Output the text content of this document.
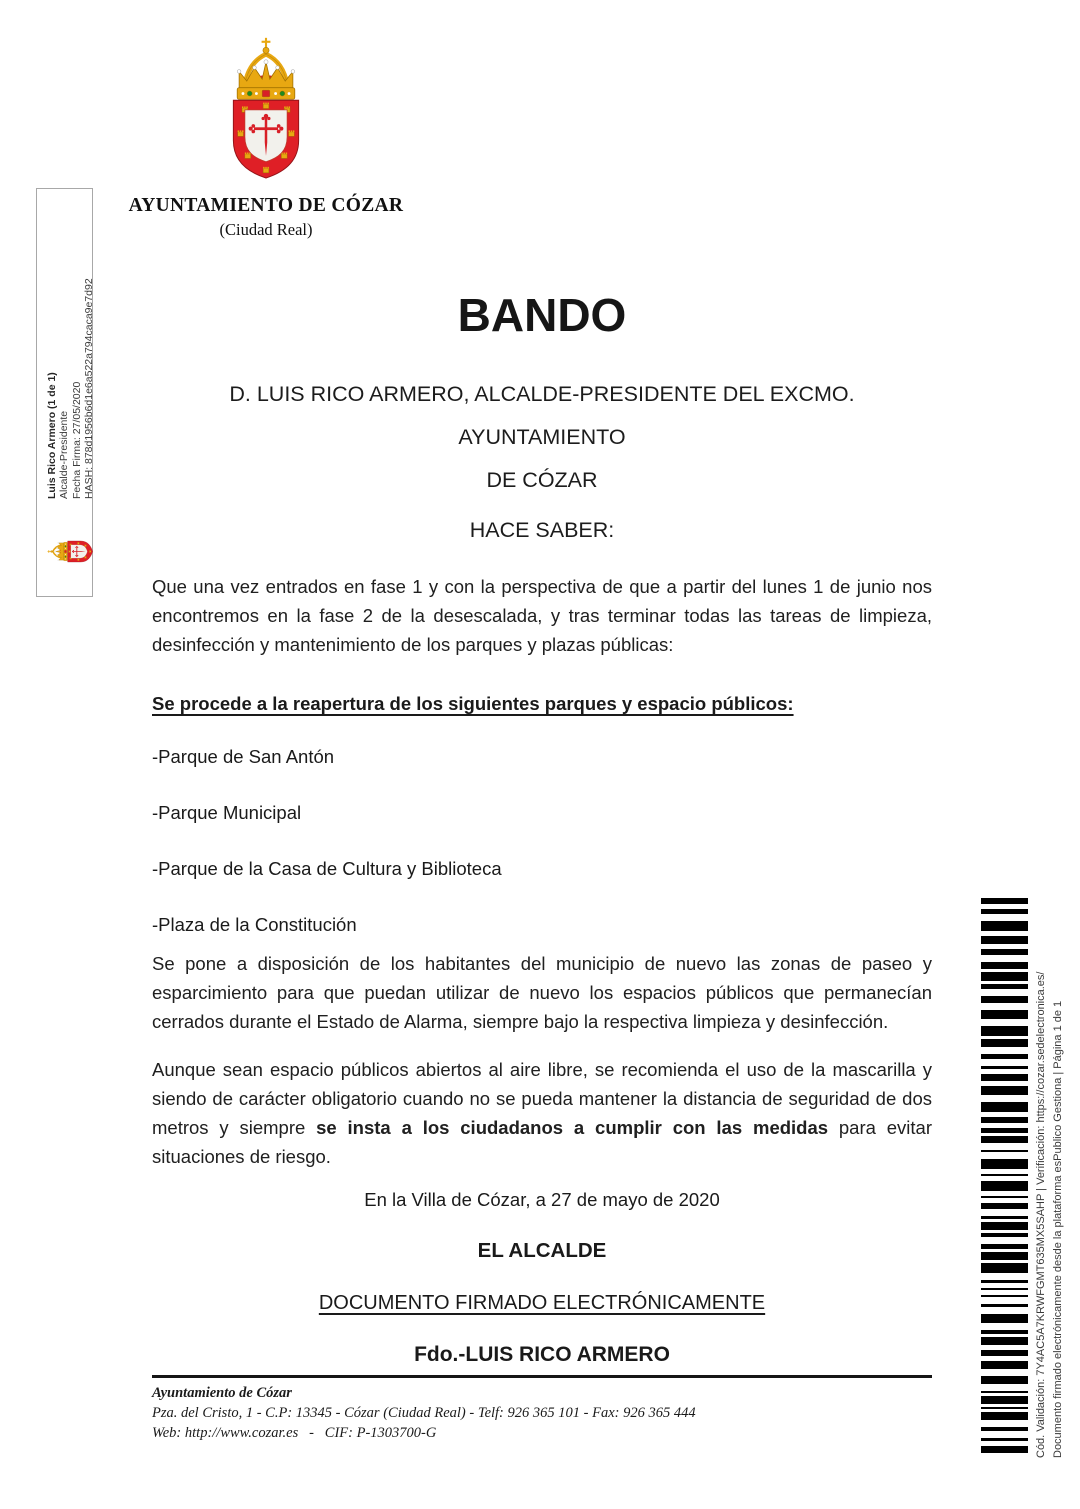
AYUNTAMIENTO DE CÓZAR
(Ciudad Real)
Luis Rico Armero (1 de 1) Alcalde-Presidente Fecha Firma: 27/05/2020 HASH: 878d1956b6d1e6a522a794caca9e7d92	BANDO
D. LUIS RICO ARMERO, ALCALDE-PRESIDENTE DEL EXCMO. AYUNTAMIENTO
DE CÓZAR
HACE SABER:

Que una vez entrados en fase 1 y con la perspectiva de que a partir del lunes 1 de junio nos encontremos en la fase 2 de la desescalada, y tras terminar todas las tareas de limpieza, desinfección y mantenimiento de los parques y plazas públicas:

Se procede a la reapertura de los siguientes parques y espacio públicos:
-Parque de San Antón
-Parque Municipal
-Parque de la Casa de Cultura y Biblioteca
-Plaza de la Constitución

Se pone a disposición de los habitantes del municipio de nuevo las zonas de paseo y esparcimiento para que puedan utilizar de nuevo los espacios públicos que permanecían cerrados durante el Estado de Alarma, siempre bajo la respectiva limpieza y desinfección.

Aunque sean espacio públicos abiertos al aire libre, se recomienda el uso de la mascarilla y siendo de carácter obligatorio cuando no se pueda mantener la distancia de seguridad de dos metros y siempre se insta a los ciudadanos a cumplir con las medidas para evitar situaciones de riesgo.

En la Villa de Cózar, a 27 de mayo de 2020
EL ALCALDE
DOCUMENTO FIRMADO ELECTRÓNICAMENTE
Fdo.-LUIS RICO ARMERO
Ayuntamiento de Cózar
Pza. del Cristo, 1 - C.P: 13345 - Cózar (Ciudad Real) - Telf: 926 365 101 - Fax: 926 365 444
Web: http://www.cozar.es   -   CIF: P-1303700-G	Cód. Validación: 7Y4AC5A7KRWFGMT635MX5SAHP | Verificación: https://cozar.sedelectronica.es/ Documento firmado electrónicamente desde la plataforma esPublico Gestiona | Página 1 de 1
